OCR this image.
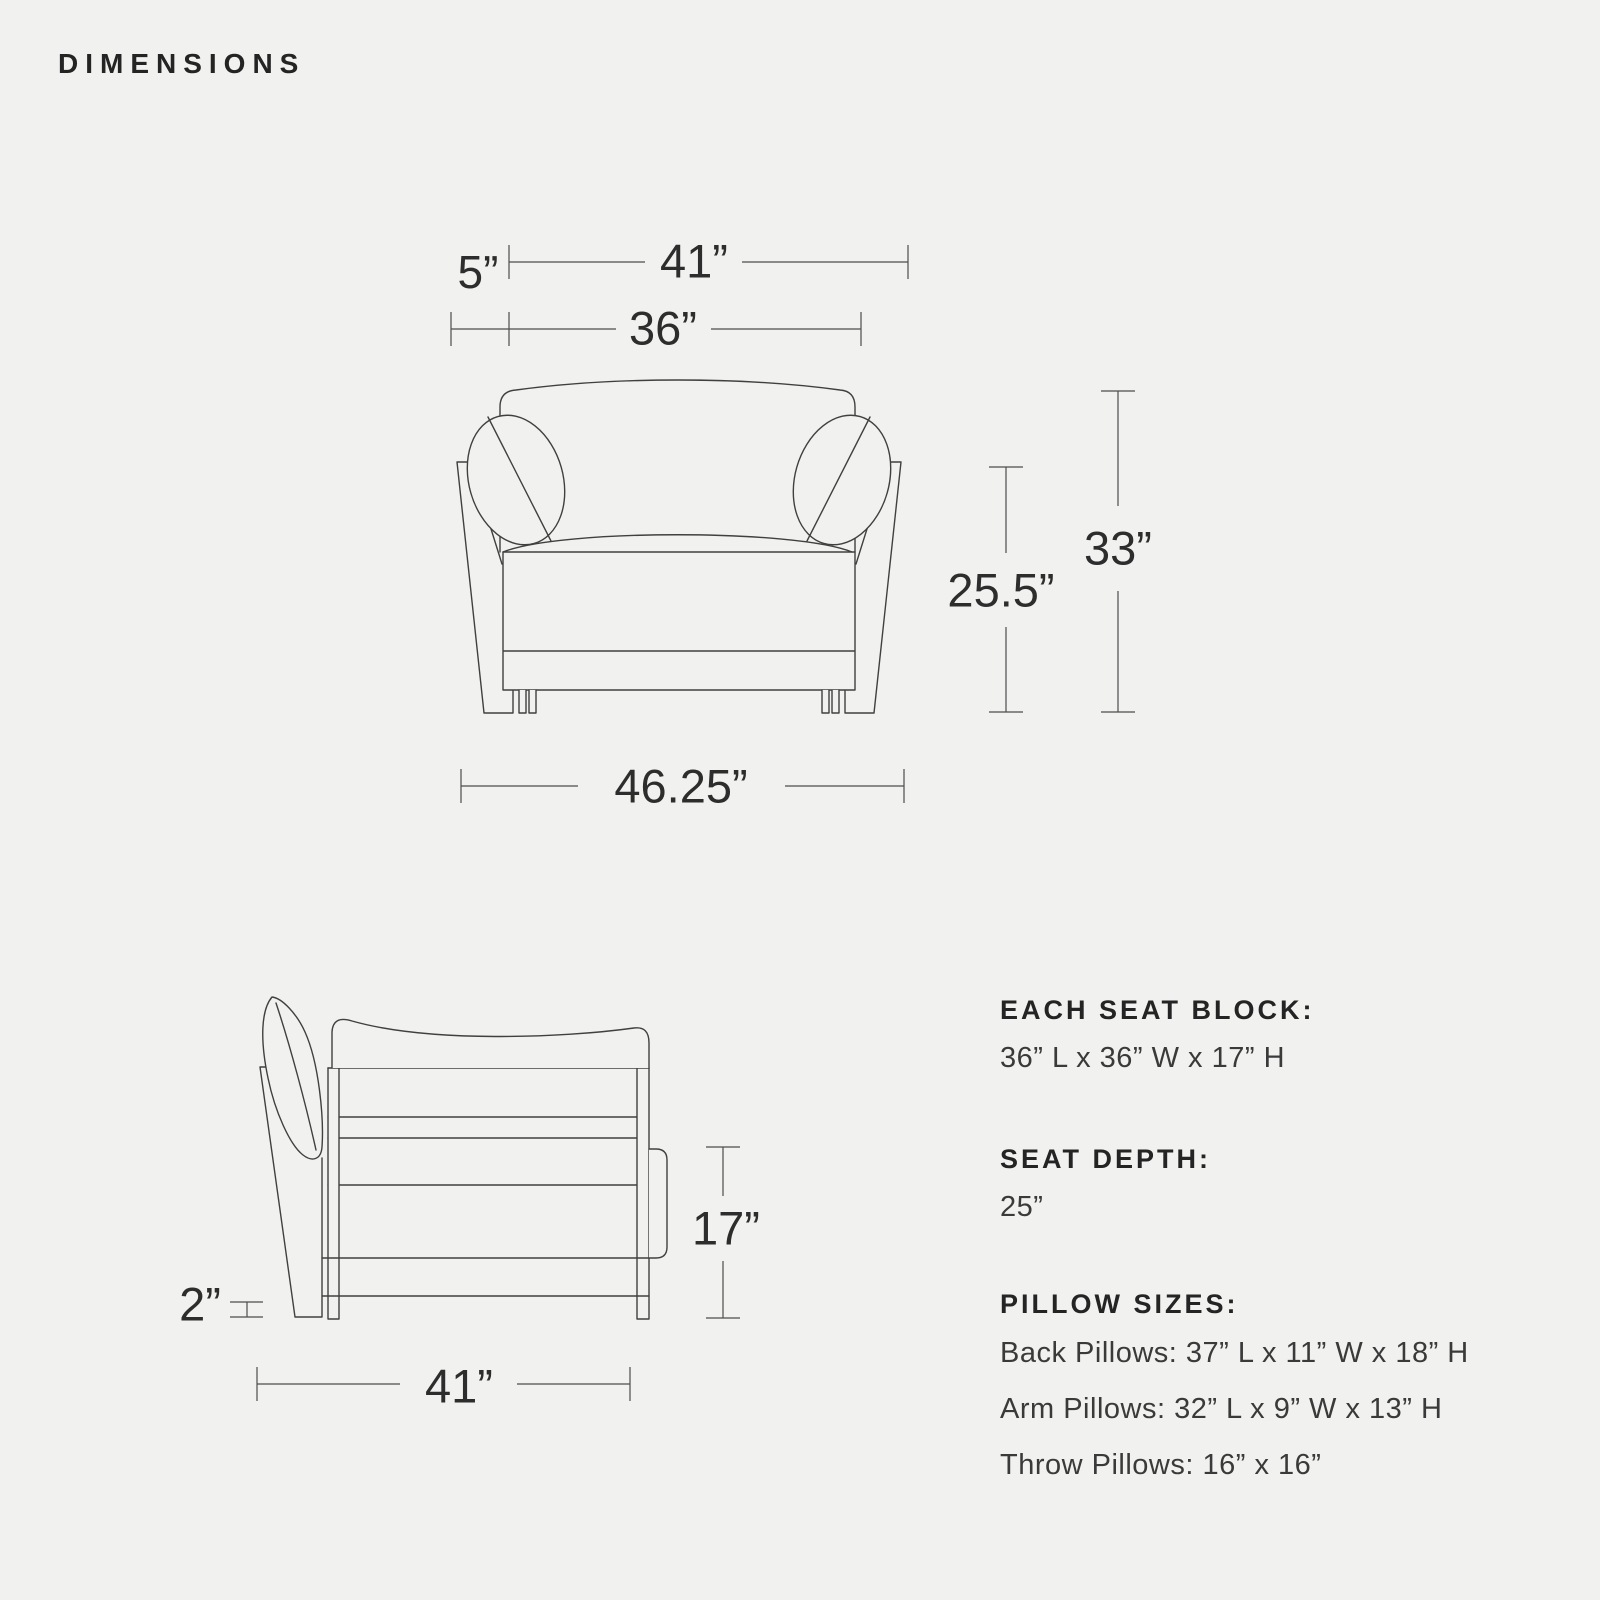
DIMENSIONS
5”	41”
36”
25.5”
33”
46.25”
2”
17”
41”
EACH SEAT BLOCK:
36” L x 36” W x 17” H
SEAT DEPTH:
25”
PILLOW SIZES:
Back Pillows: 37” L x 11” W x 18” H
Arm Pillows: 32” L x 9” W x 13” H
Throw Pillows: 16” x 16”
